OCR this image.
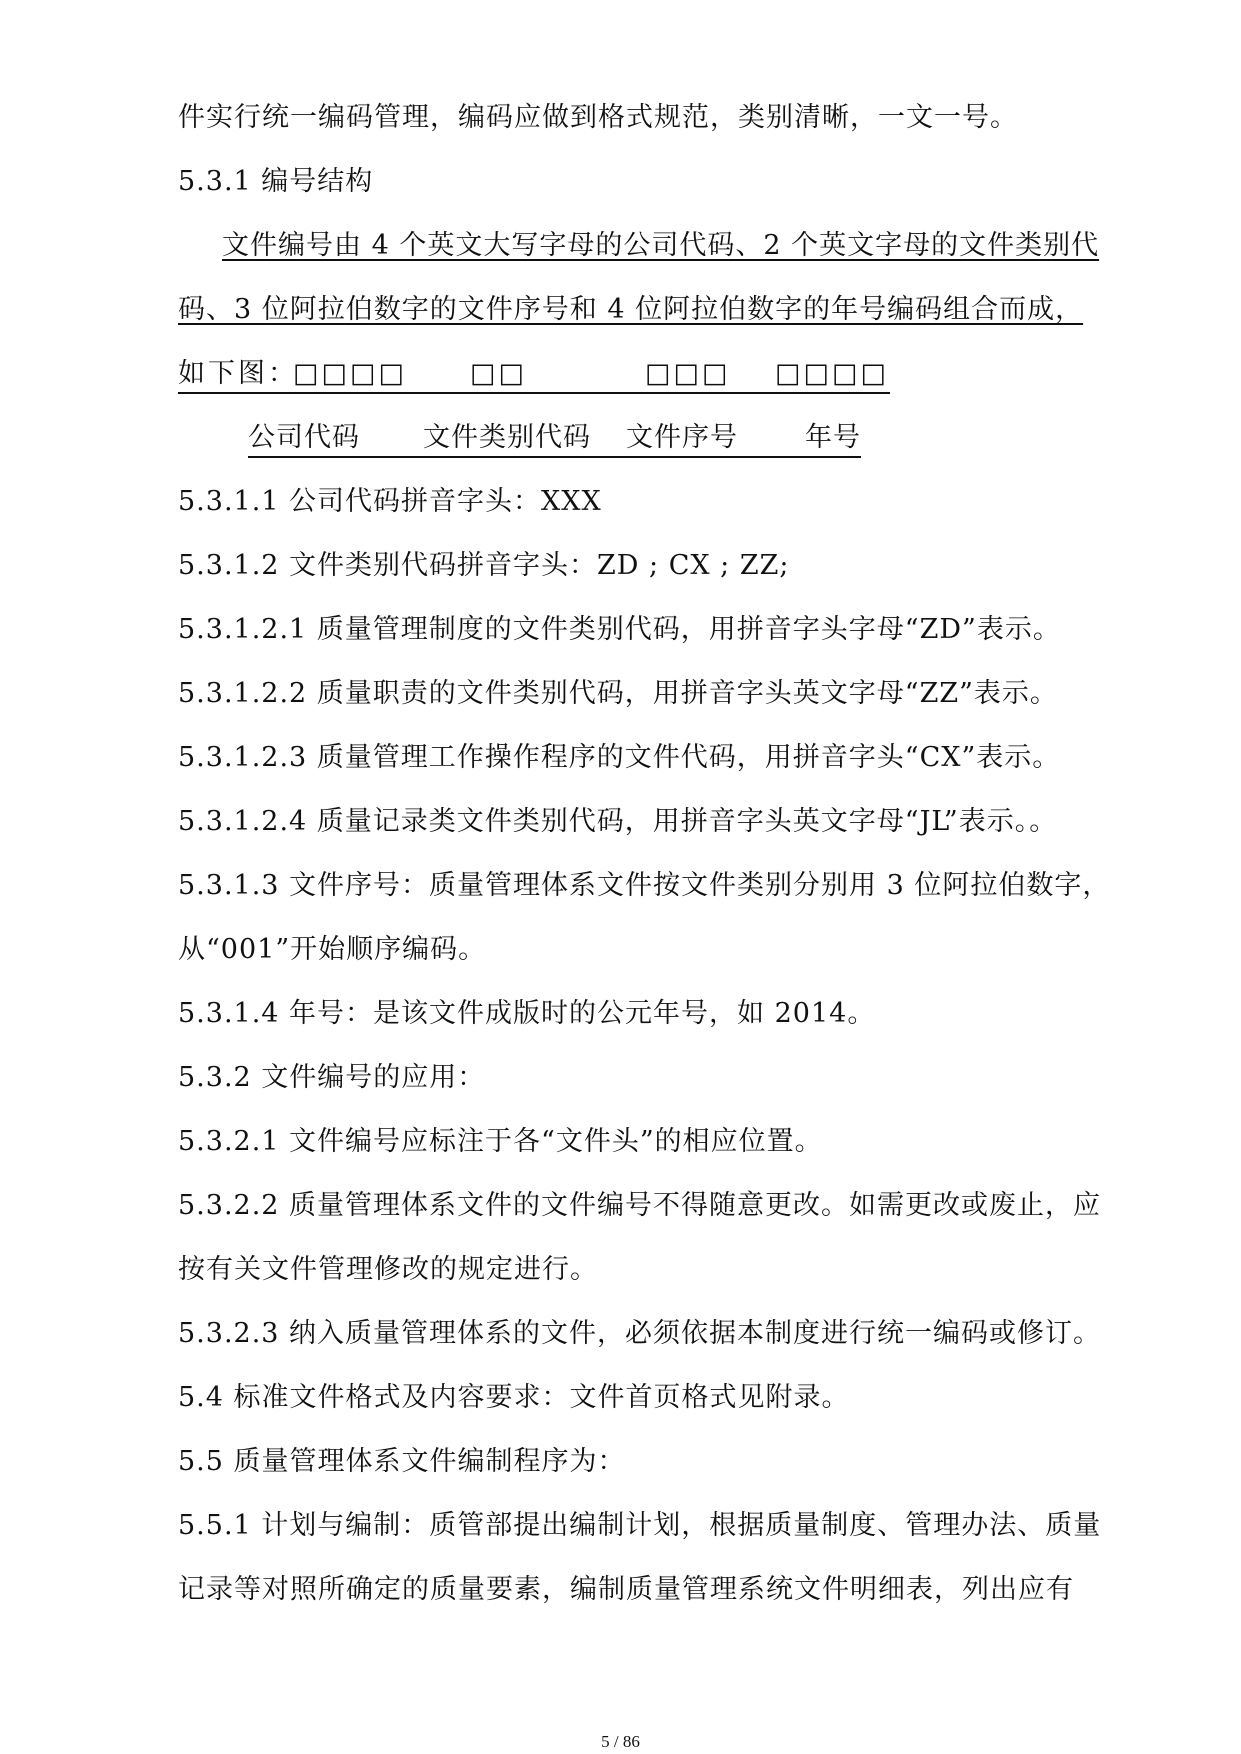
件实行统一编码管理，编码应做到格式规范，类别清晰，一文一号。
5.3.1 编号结构
文件编号由 4 个英文大写字母的公司代码、2 个英文字母的文件类别代
码、3 位阿拉伯数字的文件序号和 4 位阿拉伯数字的年号编码组合而成，
如下图：
□□□□ □□	□□□ □□□□
公司代码 文件类别代码 文件序号 年号
5.3.1.1 公司代码拼音字头：XXX
5.3.1.2 文件类别代码拼音字头：ZD ; CX ; ZZ;
5.3.1.2.1 质量管理制度的文件类别代码，用拼音字头字母“ZD”表示。
5.3.1.2.2 质量职责的文件类别代码，用拼音字头英文字母“ZZ”表示。
5.3.1.2.3 质量管理工作操作程序的文件代码，用拼音字头“CX”表示。
5.3.1.2.4 质量记录类文件类别代码，用拼音字头英文字母“JL”表示。。
5.3.1.3 文件序号：质量管理体系文件按文件类别分别用 3 位阿拉伯数字，
从“001”开始顺序编码。
5.3.1.4 年号：是该文件成版时的公元年号，如 2014。
5.3.2 文件编号的应用：
5.3.2.1 文件编号应标注于各“文件头”的相应位置。
5.3.2.2 质量管理体系文件的文件编号不得随意更改。如需更改或废止，应
按有关文件管理修改的规定进行。
5.3.2.3 纳入质量管理体系的文件，必须依据本制度进行统一编码或修订。
5.4 标准文件格式及内容要求：文件首页格式见附录。
5.5 质量管理体系文件编制程序为：
5.5.1 计划与编制：质管部提出编制计划，根据质量制度、管理办法、质量
记录等对照所确定的质量要素，编制质量管理系统文件明细表，列出应有
5 / 86
